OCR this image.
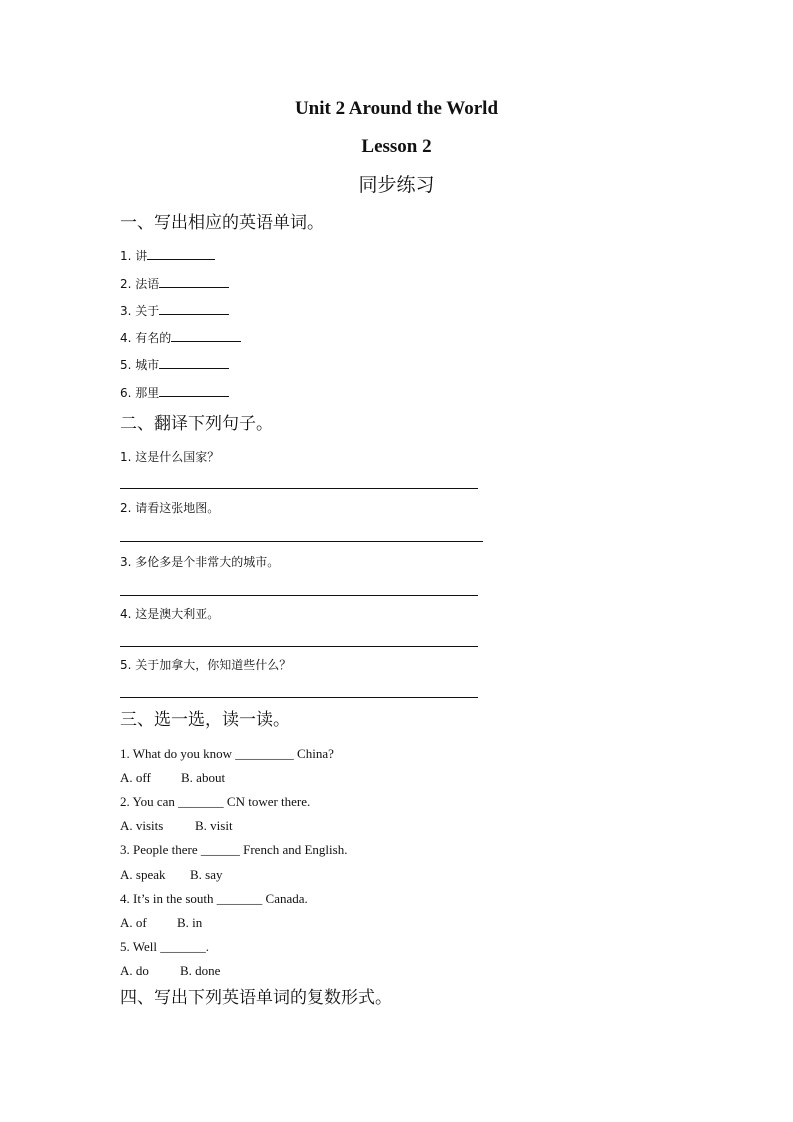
Unit 2 Around the World
Lesson 2
同步练习
一、写出相应的英语单词。
1. 讲
2. 法语
3. 关于
4. 有名的
5. 城市
6. 那里
二、翻译下列句子。
1. 这是什么国家？
2. 请看这张地图。
3. 多伦多是个非常大的城市。
4. 这是澳大利亚。
5. 关于加拿大，你知道些什么？
三、选一选，读一读。
1. What do you know _________ China?
A. off B. about
2. You can _______ CN tower there.
A. visits B. visit
3. People there ______ French and English.
A. speak B. say
4. It’s in the south _______ Canada.
A. of B. in
5. Well _______.
A. do B. done
四、写出下列英语单词的复数形式。
